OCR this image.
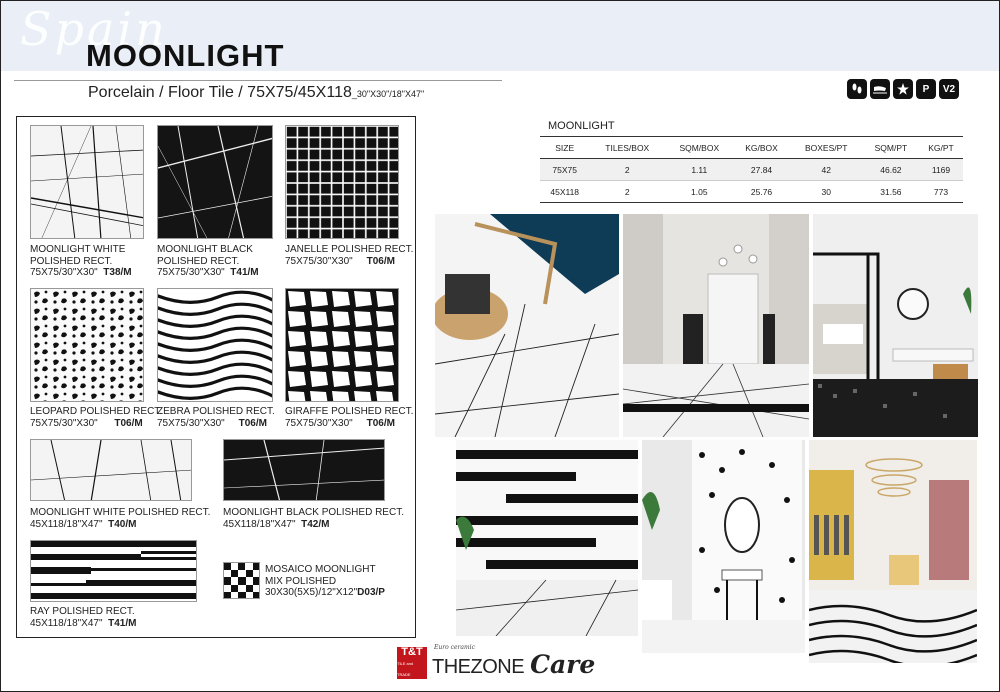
Spain
MOONLIGHT
Porcelain / Floor Tile / 75X75/45X118_30"X30"/18"X47"	P V2
MOONLIGHT WHITE
POLISHED RECT.
75X75/30"X30" T38/M
MOONLIGHT BLACK
POLISHED RECT.
75X75/30"X30" T41/M
JANELLE POLISHED RECT.
75X75/30"X30" T06/M
LEOPARD POLISHED RECT.
75X75/30"X30" T06/M
ZEBRA POLISHED RECT.
75X75/30"X30" T06/M
GIRAFFE POLISHED RECT.
75X75/30"X30" T06/M
MOONLIGHT WHITE POLISHED RECT.
45X118/18"X47" T40/M
MOONLIGHT BLACK POLISHED RECT.
45X118/18"X47" T42/M
RAY POLISHED RECT.
45X118/18"X47" T41/M
MOSAICO MOONLIGHT
MIX POLISHED
30X30(5X5)/12"X12"D03/P
MOONLIGHT
SIZE	TILES/BOX	SQM/BOX	KG/BOX	BOXES/PT	SQM/PT	KG/PT
75X75	2	1.11	27.84	42	46.62	1169
45X118	2	1.05	25.76	30	31.56	773
T&T
TILE and TRADE
Euro ceramic
THEZONE Care
